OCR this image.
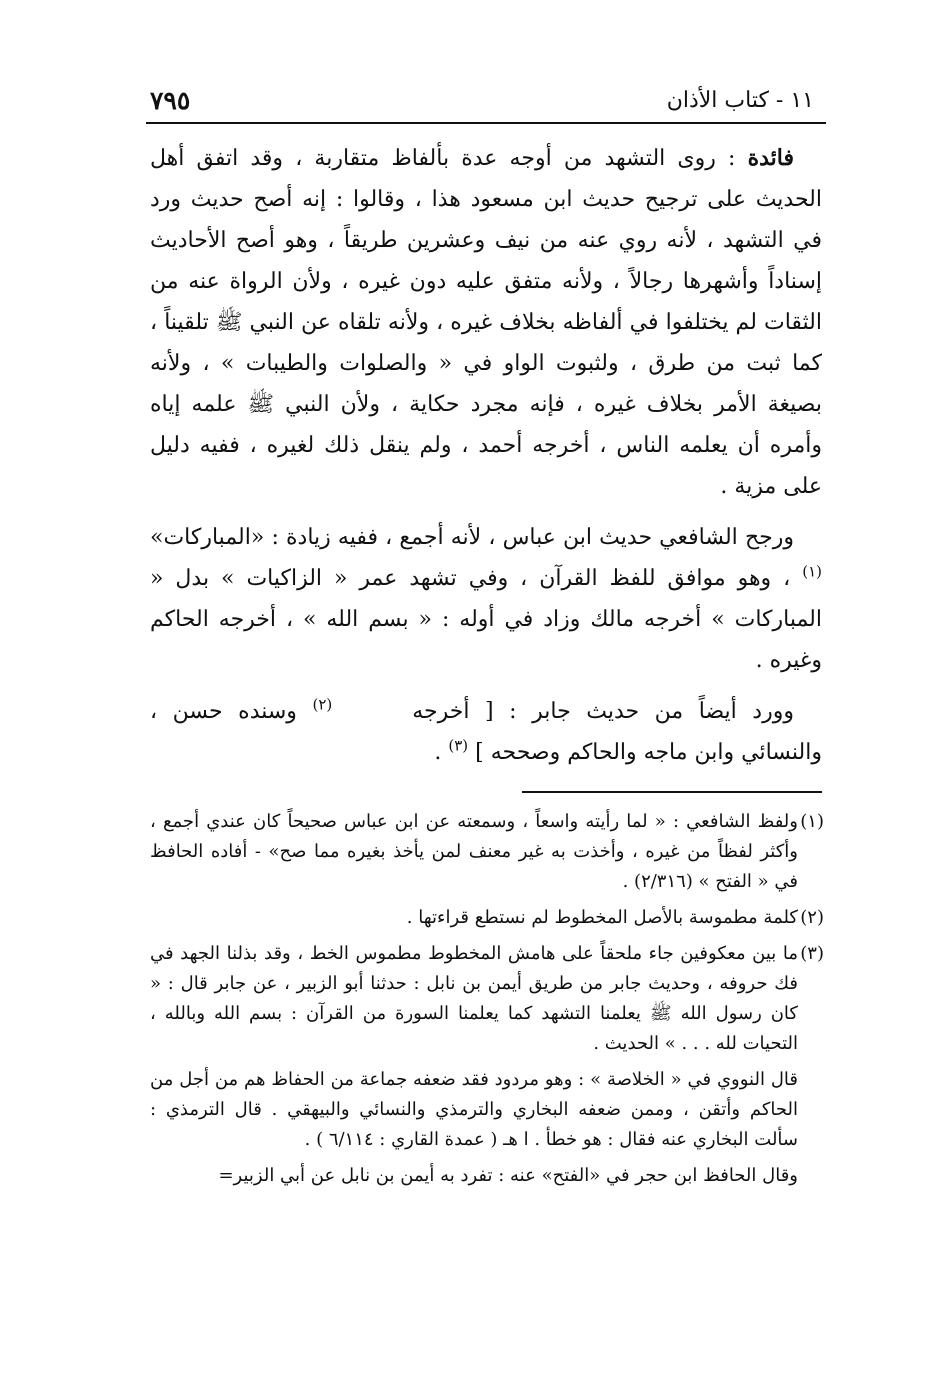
١١ - كتاب الأذان
٧٩٥

فائدة : روى التشهد من أوجه عدة بألفاظ متقاربة ، وقد اتفق أهل الحديث على ترجيح حديث ابن مسعود هذا ، وقالوا : إنه أصح حديث ورد في التشهد ، لأنه روي عنه من نيف وعشرين طريقاً ، وهو أصح الأحاديث إسناداً وأشهرها رجالاً ، ولأنه متفق عليه دون غيره ، ولأن الرواة عنه من الثقات لم يختلفوا في ألفاظه بخلاف غيره ، ولأنه تلقاه عن النبي ﷺ تلقيناً ، كما ثبت من طرق ، ولثبوت الواو في « والصلوات والطيبات » ، ولأنه بصيغة الأمر بخلاف غيره ، فإنه مجرد حكاية ، ولأن النبي ﷺ علمه إياه وأمره أن يعلمه الناس ، أخرجه أحمد ، ولم ينقل ذلك لغيره ، ففيه دليل على مزية .

ورجح الشافعي حديث ابن عباس ، لأنه أجمع ، ففيه زيادة : «المباركات» $^{(١)}$ ، وهو موافق للفظ القرآن ، وفي تشهد عمر « الزاكيات » بدل « المباركات » أخرجه مالك وزاد في أوله : « بسم الله » ، أخرجه الحاكم وغيره .

وورد أيضاً من حديث جابر : [ أخرجه$^{(٢)}$ وسنده حسن ، والنسائي وابن ماجه والحاكم وصححه ] $^{(٣)}$ .

(١)
ولفظ الشافعي : « لما رأيته واسعاً ، وسمعته عن ابن عباس صحيحاً كان عندي أجمع ، وأكثر لفظاً من غيره ، وأخذت به غير معنف لمن يأخذ بغيره مما صح» - أفاده الحافظ في « الفتح » (٢/٣١٦) .
(٢)
كلمة مطموسة بالأصل المخطوط لم نستطع قراءتها .
(٣)
ما بين معكوفين جاء ملحقاً على هامش المخطوط مطموس الخط ، وقد بذلنا الجهد في فك حروفه ، وحديث جابر من طريق أيمن بن نابل : حدثنا أبو الزبير ، عن جابر قال : « كان رسول الله ﷺ يعلمنا التشهد كما يعلمنا السورة من القرآن : بسم الله وبالله ، التحيات لله . . . » الحديث .
قال النووي في « الخلاصة » : وهو مردود فقد ضعفه جماعة من الحفاظ هم من أجل من الحاكم وأتقن ، وممن ضعفه البخاري والترمذي والنسائي والبيهقي . قال الترمذي : سألت البخاري عنه فقال : هو خطأ . ا هـ ( عمدة القاري : ٦/١١٤ ) .
وقال الحافظ ابن حجر في «الفتح» عنه : تفرد به أيمن بن نابل عن أبي الزبير=
